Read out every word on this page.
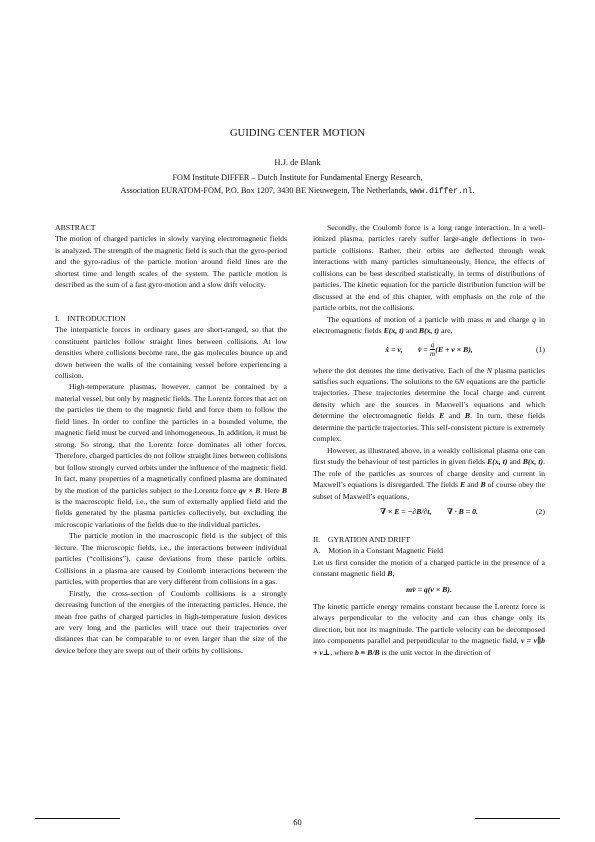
GUIDING CENTER MOTION
H.J. de Blank
FOM Institute DIFFER – Dutch Institute for Fundamental Energy Research,
Association EURATOM-FOM, P.O. Box 1207, 3430 BE Nieuwegein, The Netherlands, www.differ.nl.

ABSTRACT

The motion of charged particles in slowly varying electromagnetic fields is analyzed. The strength of the magnetic field is such that the gyro-period and the gyro-radius of the particle motion around field lines are the shortest time and length scales of the system. The particle motion is described as the sum of a fast gyro-motion and a slow drift velocity.

I. INTRODUCTION

The interparticle forces in ordinary gases are short-ranged, so that the constituent particles follow straight lines between collisions. At low densities where collisions become rare, the gas molecules bounce up and down between the walls of the containing vessel before experiencing a collision.

High-temperature plasmas, however, cannot be contained by a material vessel, but only by magnetic fields. The Lorentz forces that act on the particles tie them to the magnetic field and force them to follow the field lines. In order to confine the particles in a bounded volume, the magnetic field must be curved and inhomogeneous. In addition, it must be strong. So strong, that the Lorentz force dominates all other forces. Therefore, charged particles do not follow straight lines between collisions but follow strongly curved orbits under the influence of the magnetic field. In fact, many properties of a magnetically confined plasma are dominated by the motion of the particles subject to the Lorentz force qv × B. Here B is the macroscopic field, i.e., the sum of externally applied field and the fields generated by the plasma particles collectively, but excluding the microscopic variations of the fields due to the individual particles.

The particle motion in the macroscopic field is the subject of this lecture. The microscopic fields, i.e., the interactions between individual particles (“collisions”), cause deviations from these particle orbits. Collisions in a plasma are caused by Coulomb interactions between the particles, with properties that are very different from collisions in a gas.

Firstly, the cross-section of Coulomb collisions is a strongly decreasing function of the energies of the interacting particles. Hence, the mean free paths of charged particles in high-temperature fusion devices are very long and the particles will trace out their trajectories over distances that can be comparable to or even larger than the size of the device before they are swept out of their orbits by collisions.

Secondly, the Coulomb force is a long range interaction. In a well-ionized plasma, particles rarely suffer large-angle deflections in two-particle collisions. Rather, their orbits are deflected through weak interactions with many particles simultaneously. Hence, the effects of collisions can be best described statistically, in terms of distributions of particles. The kinetic equation for the particle distribution function will be discussed at the end of this chapter, with emphasis on the role of the particle orbits, not the collisions.

The equations of motion of a particle with mass m and charge q in electromagnetic fields E(x, t) and B(x, t) are,

ẋ = v,   v̇ = $\frac{q}{m} (E + v \times B)$,	(1)

where the dot denotes the time derivative. Each of the N plasma particles satisfies such equations. The solutions to the 6N equations are the particle trajectories. These trajectories determine the local charge and current density which are the sources in Maxwell’s equations and which determine the electromagnetic fields E and B. In turn, these fields determine the particle trajectories. This self-consistent picture is extremely complex.

However, as illustrated above, in a weakly collisional plasma one can first study the behaviour of test particles in given fields E(x, t) and B(x, t). The role of the particles as sources of charge density and current in Maxwell’s equations is disregarded. The fields E and B of course obey the subset of Maxwell’s equations,

∇ × E = −∂B/∂t,   ∇ · B = 0.	(2)

II. GYRATION AND DRIFT

A. Motion in a Constant Magnetic Field

Let us first consider the motion of a charged particle in the presence of a constant magnetic field B,

mv̇ = q(v × B).

The kinetic particle energy remains constant because the Lorentz force is always perpendicular to the velocity and can thus change only its direction, but not its magnitude. The particle velocity can be decomposed into components parallel and perpendicular to the magnetic field, v = v∥b + v⊥, where b ≡ B/B is the unit vector in the direction of

60
